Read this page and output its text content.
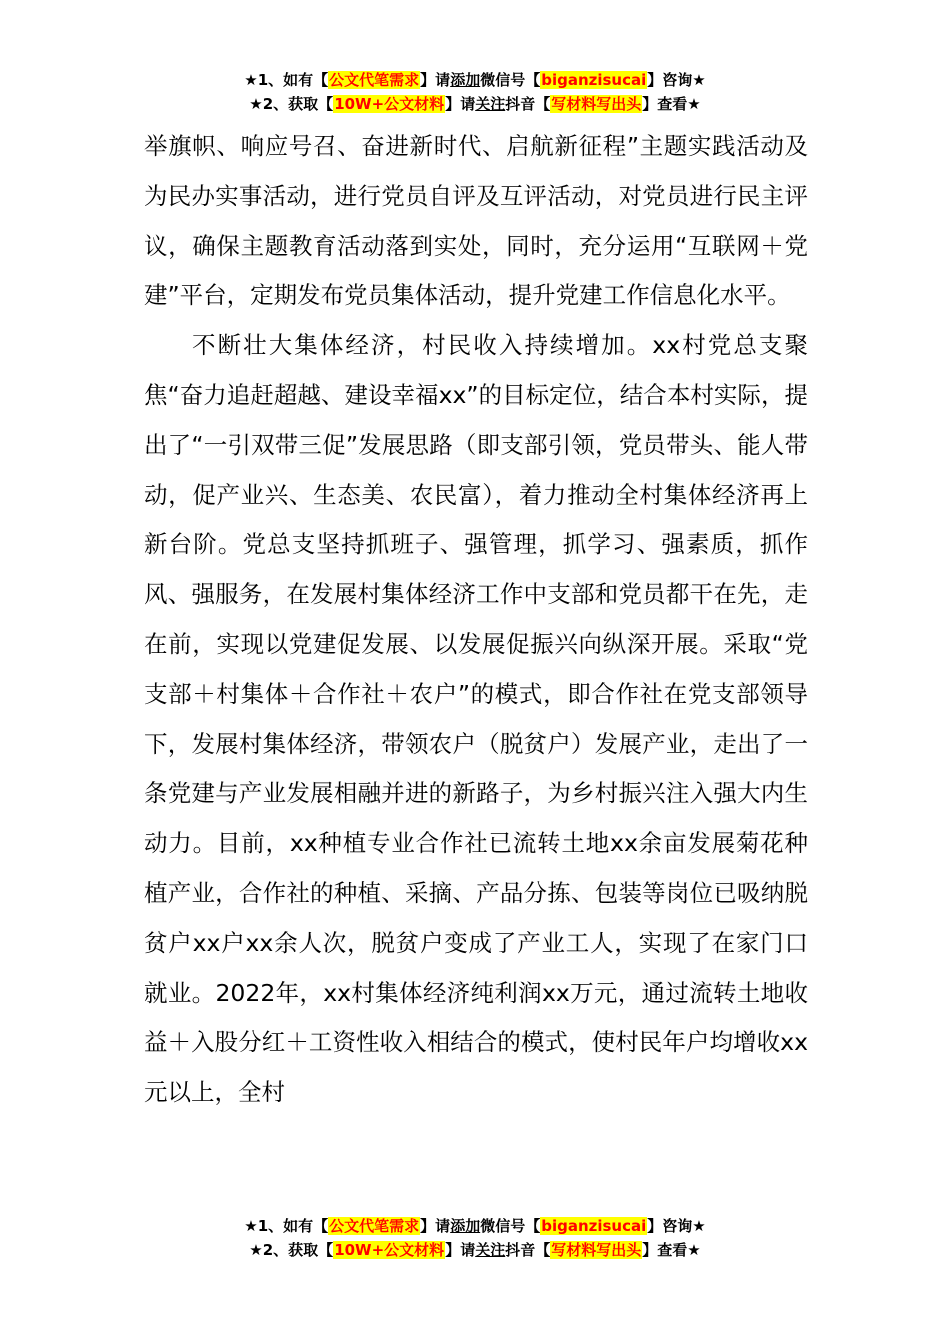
★1、如有【公文代笔需求】请添加微信号【biganzisucai】咨询★
★2、获取【10W+公文材料】请关注抖音【写材料写出头】查看★

举旗帜、响应号召、奋进新时代、启航新征程”主题实践活动及为民办实事活动，进行党员自评及互评活动，对党员进行民主评议，确保主题教育活动落到实处，同时，充分运用“互联网＋党建”平台，定期发布党员集体活动，提升党建工作信息化水平。

不断壮大集体经济，村民收入持续增加。xx村党总支聚焦“奋力追赶超越、建设幸福xx”的目标定位，结合本村实际，提出了“一引双带三促”发展思路（即支部引领，党员带头、能人带动，促产业兴、生态美、农民富），着力推动全村集体经济再上新台阶。党总支坚持抓班子、强管理，抓学习、强素质，抓作风、强服务，在发展村集体经济工作中支部和党员都干在先，走在前，实现以党建促发展、以发展促振兴向纵深开展。采取“党支部＋村集体＋合作社＋农户”的模式，即合作社在党支部领导下，发展村集体经济，带领农户（脱贫户）发展产业，走出了一条党建与产业发展相融并进的新路子，为乡村振兴注入强大内生动力。目前，xx种植专业合作社已流转土地xx余亩发展菊花种植产业，合作社的种植、采摘、产品分拣、包装等岗位已吸纳脱贫户xx户xx余人次，脱贫户变成了产业工人，实现了在家门口就业。2022年，xx村集体经济纯利润xx万元，通过流转土地收益＋入股分红＋工资性收入相结合的模式，使村民年户均增收xx元以上，全村

★1、如有【公文代笔需求】请添加微信号【biganzisucai】咨询★
★2、获取【10W+公文材料】请关注抖音【写材料写出头】查看★
